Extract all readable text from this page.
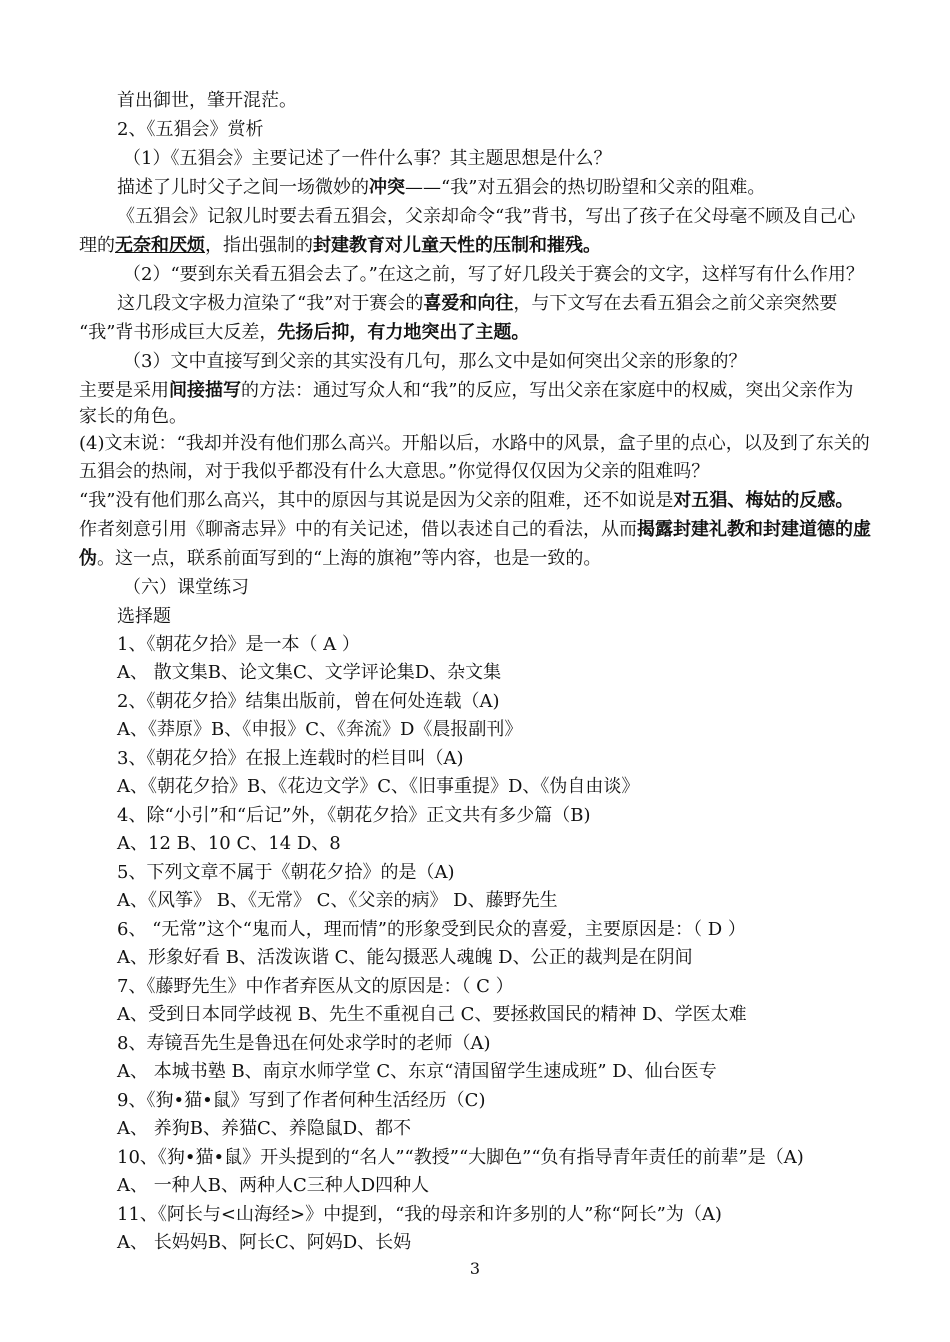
首出御世，肇开混茫。
2、《五猖会》赏析
（1）《五猖会》主要记述了一件什么事？其主题思想是什么？
描述了儿时父子之间一场微妙的冲突——“我”对五猖会的热切盼望和父亲的阻难。
《五猖会》记叙儿时要去看五猖会，父亲却命令“我”背书，写出了孩子在父母毫不顾及自己心
理的无奈和厌烦，指出强制的封建教育对儿童天性的压制和摧残。
（2）“要到东关看五猖会去了。”在这之前，写了好几段关于赛会的文字，这样写有什么作用？
这几段文字极力渲染了“我”对于赛会的喜爱和向往，与下文写在去看五猖会之前父亲突然要
“我”背书形成巨大反差，先扬后抑，有力地突出了主题。
（3）文中直接写到父亲的其实没有几句，那么文中是如何突出父亲的形象的？
主要是采用间接描写的方法：通过写众人和“我”的反应，写出父亲在家庭中的权威，突出父亲作为
家长的角色。
(4)文末说：“我却并没有他们那么高兴。开船以后，水路中的风景，盒子里的点心，以及到了东关的
五猖会的热闹，对于我似乎都没有什么大意思。”你觉得仅仅因为父亲的阻难吗？
“我”没有他们那么高兴，其中的原因与其说是因为父亲的阻难，还不如说是对五猖、梅姑的反感。
作者刻意引用《聊斋志异》中的有关记述，借以表述自己的看法，从而揭露封建礼教和封建道德的虚
伪。这一点，联系前面写到的“上海的旗袍”等内容，也是一致的。
（六）课堂练习
选择题
1、《朝花夕拾》是一本（ A ）
A、 散文集B、论文集C、文学评论集D、杂文集
2、《朝花夕拾》结集出版前，曾在何处连载（A)
A、《莽原》B、《申报》C、《奔流》D《晨报副刊》
3、《朝花夕拾》在报上连载时的栏目叫（A)
A、《朝花夕拾》B、《花边文学》C、《旧事重提》D、《伪自由谈》
4、除“小引”和“后记”外，《朝花夕拾》正文共有多少篇（B)
A、12 B、10 C、14 D、8
5、下列文章不属于《朝花夕拾》的是（A)
A、《风筝》 B、《无常》 C、《父亲的病》 D、藤野先生
6、 “无常”这个“鬼而人，理而情”的形象受到民众的喜爱，主要原因是：（ D ）
A、形象好看 B、活泼诙谐 C、能勾摄恶人魂魄 D、公正的裁判是在阴间
7、《藤野先生》中作者弃医从文的原因是：（ C ）
A、受到日本同学歧视 B、先生不重视自己 C、要拯救国民的精神 D、学医太难
8、寿镜吾先生是鲁迅在何处求学时的老师（A)
A、 本城书塾 B、南京水师学堂 C、东京“清国留学生速成班” D、仙台医专
9、《狗•猫•鼠》写到了作者何种生活经历（C)
A、 养狗B、养猫C、养隐鼠D、都不
10、《狗•猫•鼠》开头提到的“名人”“教授”“大脚色”“负有指导青年责任的前辈”是（A)
A、 一种人B、两种人C三种人D四种人
11、《阿长与<山海经>》中提到，“我的母亲和许多别的人”称“阿长”为（A)
A、 长妈妈B、阿长C、阿妈D、长妈
3
